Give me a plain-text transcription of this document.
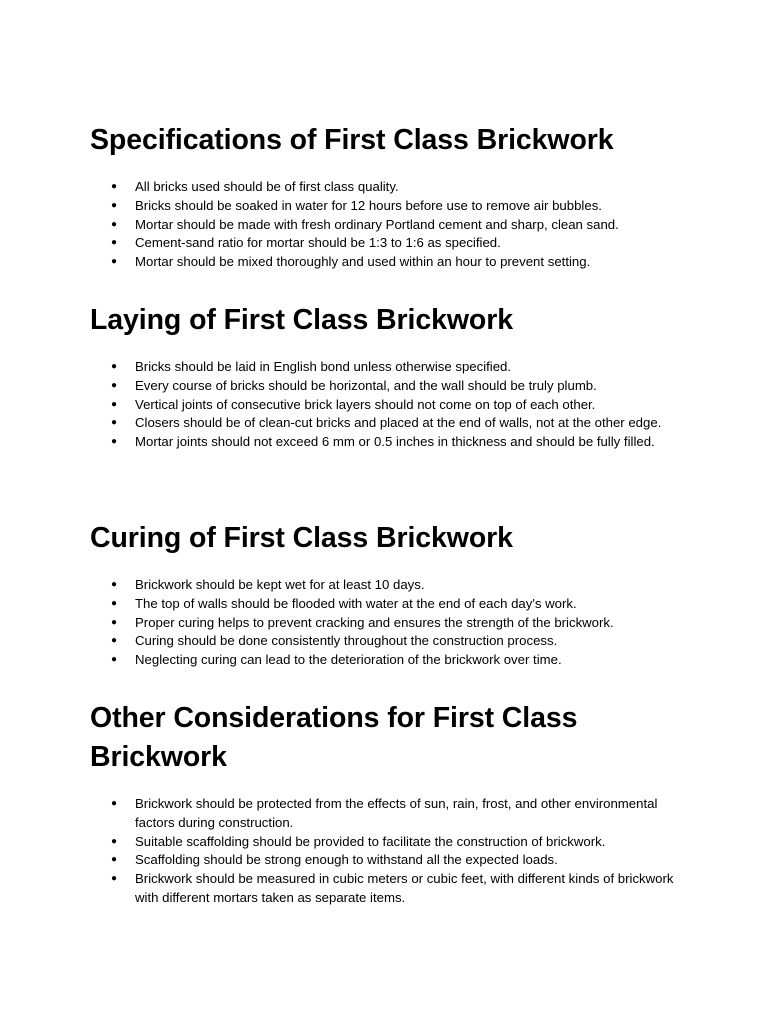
Specifications of First Class Brickwork
● All bricks used should be of first class quality.
● Bricks should be soaked in water for 12 hours before use to remove air bubbles.
● Mortar should be made with fresh ordinary Portland cement and sharp, clean sand.
● Cement-sand ratio for mortar should be 1:3 to 1:6 as specified.
● Mortar should be mixed thoroughly and used within an hour to prevent setting.
Laying of First Class Brickwork
● Bricks should be laid in English bond unless otherwise specified.
● Every course of bricks should be horizontal, and the wall should be truly plumb.
● Vertical joints of consecutive brick layers should not come on top of each other.
● Closers should be of clean-cut bricks and placed at the end of walls, not at the other edge.
● Mortar joints should not exceed 6 mm or 0.5 inches in thickness and should be fully filled.
Curing of First Class Brickwork
● Brickwork should be kept wet for at least 10 days.
● The top of walls should be flooded with water at the end of each day's work.
● Proper curing helps to prevent cracking and ensures the strength of the brickwork.
● Curing should be done consistently throughout the construction process.
● Neglecting curing can lead to the deterioration of the brickwork over time.
Other Considerations for First Class Brickwork
● Brickwork should be protected from the effects of sun, rain, frost, and other environmental factors during construction.
● Suitable scaffolding should be provided to facilitate the construction of brickwork.
● Scaffolding should be strong enough to withstand all the expected loads.
● Brickwork should be measured in cubic meters or cubic feet, with different kinds of brickwork with different mortars taken as separate items.
